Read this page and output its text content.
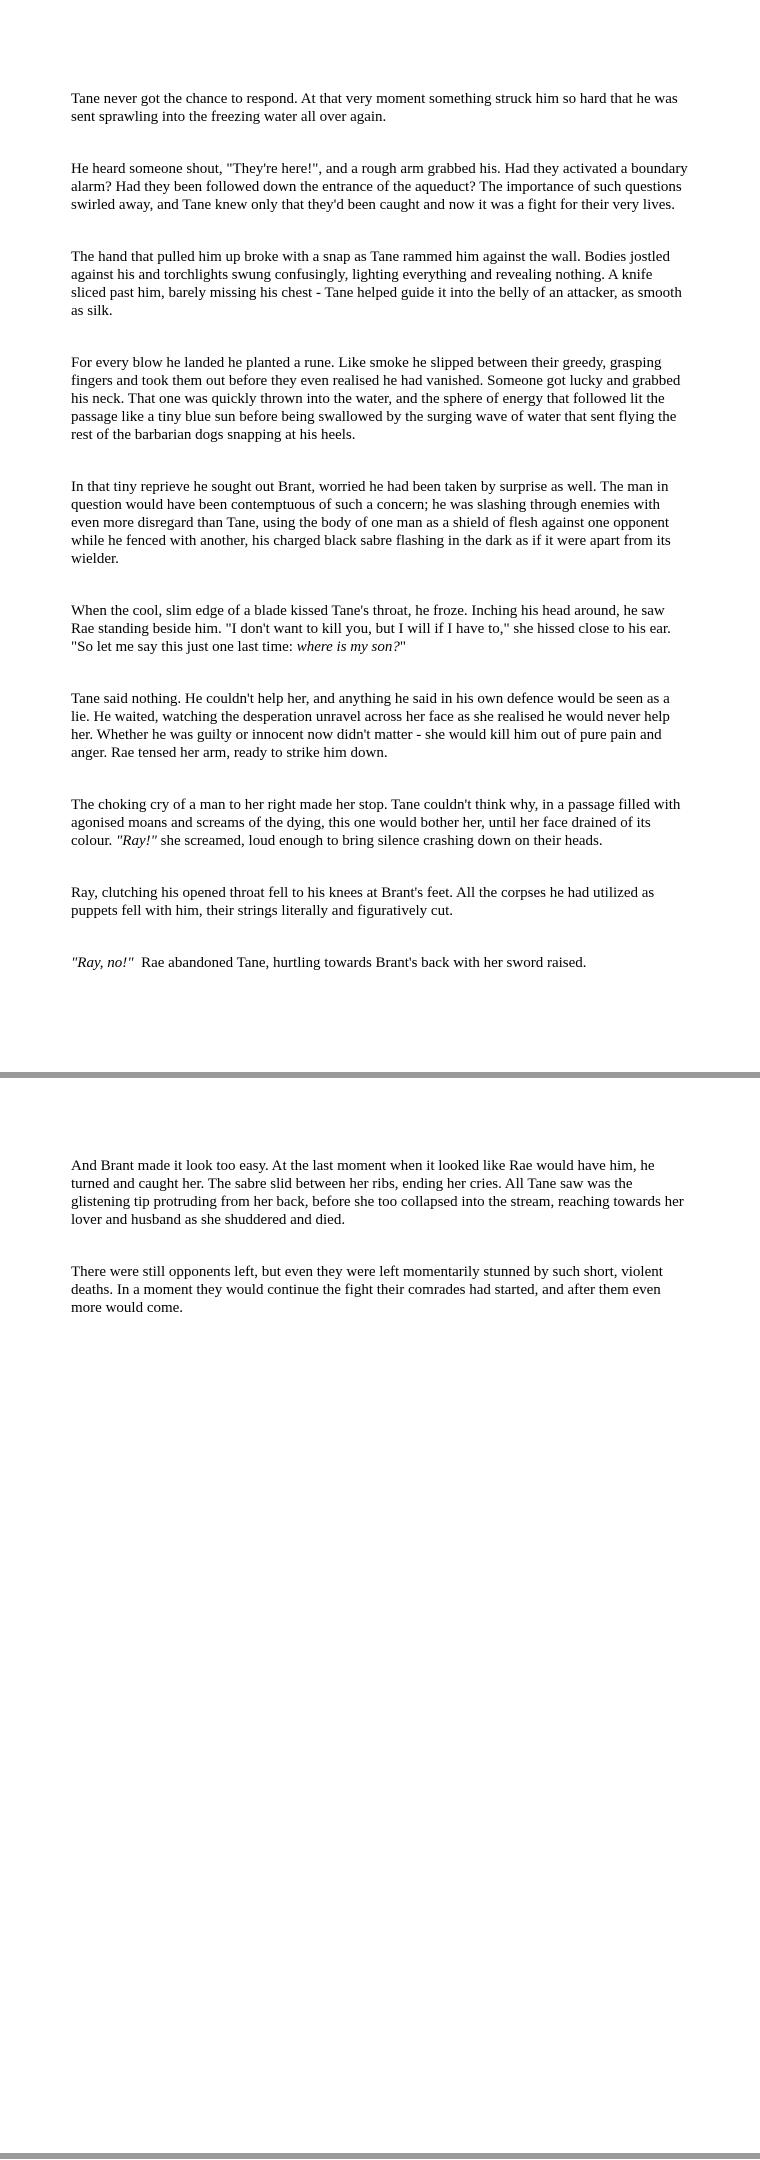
Tane never got the chance to respond. At that very moment something struck him so hard that he was sent sprawling into the freezing water all over again.

He heard someone shout, "They're here!", and a rough arm grabbed his. Had they activated a boundary alarm? Had they been followed down the entrance of the aqueduct? The importance of such questions swirled away, and Tane knew only that they'd been caught and now it was a fight for their very lives.

The hand that pulled him up broke with a snap as Tane rammed him against the wall. Bodies jostled against his and torchlights swung confusingly, lighting everything and revealing nothing. A knife sliced past him, barely missing his chest - Tane helped guide it into the belly of an attacker, as smooth as silk.

For every blow he landed he planted a rune. Like smoke he slipped between their greedy, grasping fingers and took them out before they even realised he had vanished. Someone got lucky and grabbed his neck. That one was quickly thrown into the water, and the sphere of energy that followed lit the passage like a tiny blue sun before being swallowed by the surging wave of water that sent flying the rest of the barbarian dogs snapping at his heels.

In that tiny reprieve he sought out Brant, worried he had been taken by surprise as well. The man in question would have been contemptuous of such a concern; he was slashing through enemies with even more disregard than Tane, using the body of one man as a shield of flesh against one opponent while he fenced with another, his charged black sabre flashing in the dark as if it were apart from its wielder.

When the cool, slim edge of a blade kissed Tane's throat, he froze. Inching his head around, he saw Rae standing beside him. "I don't want to kill you, but I will if I have to," she hissed close to his ear. "So let me say this just one last time: where is my son?"

Tane said nothing. He couldn't help her, and anything he said in his own defence would be seen as a lie. He waited, watching the desperation unravel across her face as she realised he would never help her. Whether he was guilty or innocent now didn't matter - she would kill him out of pure pain and anger. Rae tensed her arm, ready to strike him down.

The choking cry of a man to her right made her stop. Tane couldn't think why, in a passage filled with agonised moans and screams of the dying, this one would bother her, until her face drained of its colour. "Ray!" she screamed, loud enough to bring silence crashing down on their heads.

Ray, clutching his opened throat fell to his knees at Brant's feet. All the corpses he had utilized as puppets fell with him, their strings literally and figuratively cut.

"Ray, no!"  Rae abandoned Tane, hurtling towards Brant's back with her sword raised.

And Brant made it look too easy. At the last moment when it looked like Rae would have him, he turned and caught her. The sabre slid between her ribs, ending her cries. All Tane saw was the glistening tip protruding from her back, before she too collapsed into the stream, reaching towards her lover and husband as she shuddered and died.

There were still opponents left, but even they were left momentarily stunned by such short, violent deaths. In a moment they would continue the fight their comrades had started, and after them even more would come.
